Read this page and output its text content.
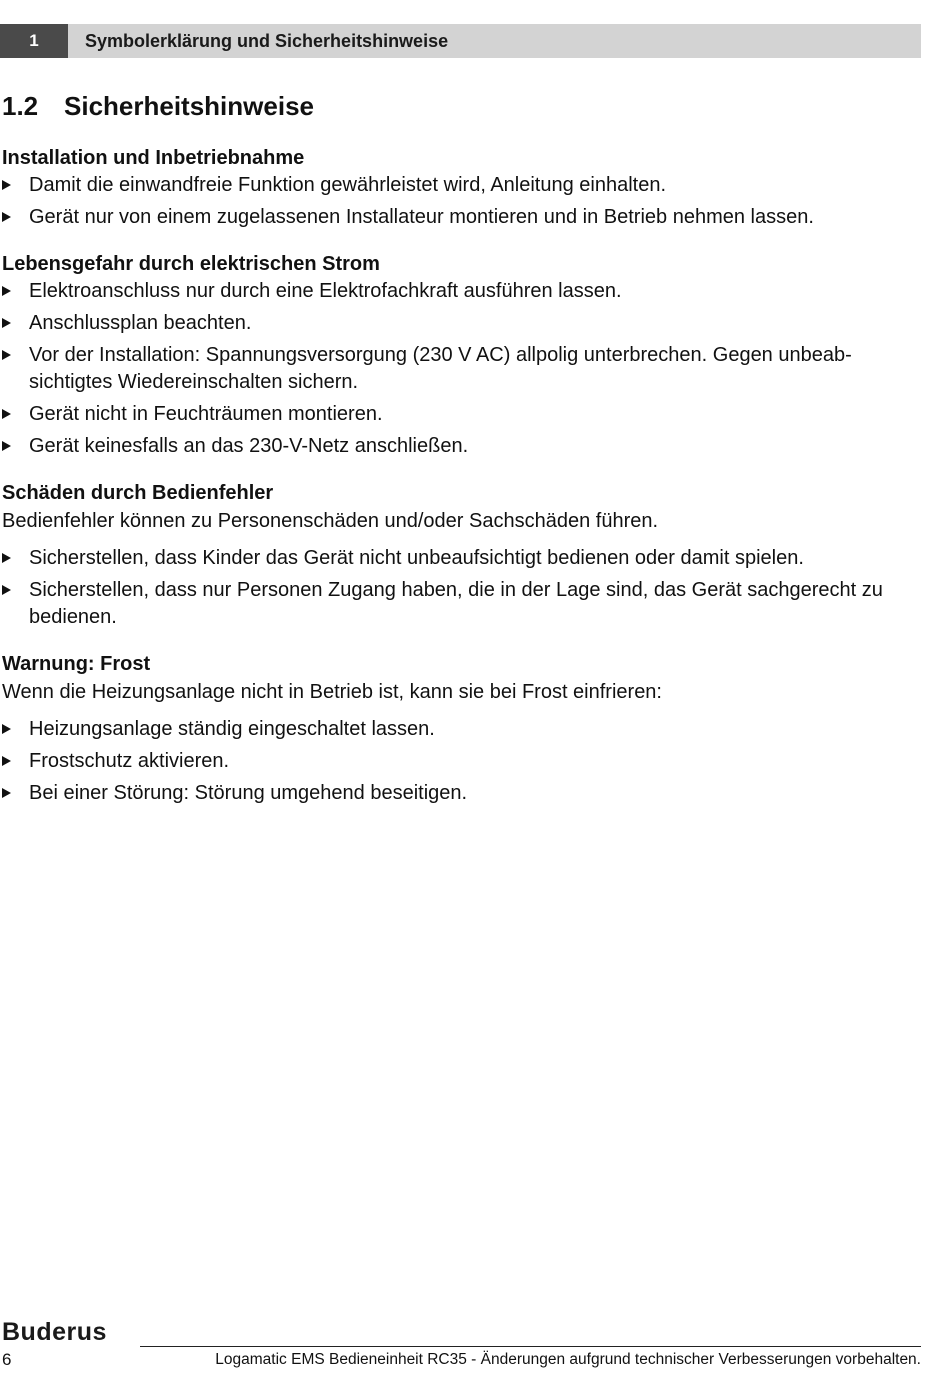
1	Symbolerklärung und Sicherheitshinweise
1.2 Sicherheitshinweise
Installation und Inbetriebnahme
Damit die einwandfreie Funktion gewährleistet wird, Anleitung einhalten.
Gerät nur von einem zugelassenen Installateur montieren und in Betrieb nehmen lassen.
Lebensgefahr durch elektrischen Strom
Elektroanschluss nur durch eine Elektrofachkraft ausführen lassen.
Anschlussplan beachten.
Vor der Installation: Spannungsversorgung (230 V AC) allpolig unterbrechen. Gegen unbeab-sichtigtes Wiedereinschalten sichern.
Gerät nicht in Feuchträumen montieren.
Gerät keinesfalls an das 230-V-Netz anschließen.
Schäden durch Bedienfehler

Bedienfehler können zu Personenschäden und/oder Sachschäden führen.

Sicherstellen, dass Kinder das Gerät nicht unbeaufsichtigt bedienen oder damit spielen.
Sicherstellen, dass nur Personen Zugang haben, die in der Lage sind, das Gerät sachgerecht zu bedienen.
Warnung: Frost

Wenn die Heizungsanlage nicht in Betrieb ist, kann sie bei Frost einfrieren:

Heizungsanlage ständig eingeschaltet lassen.
Frostschutz aktivieren.
Bei einer Störung: Störung umgehend beseitigen.
Buderus
6	Logamatic EMS Bedieneinheit RC35 - Änderungen aufgrund technischer Verbesserungen vorbehalten.
